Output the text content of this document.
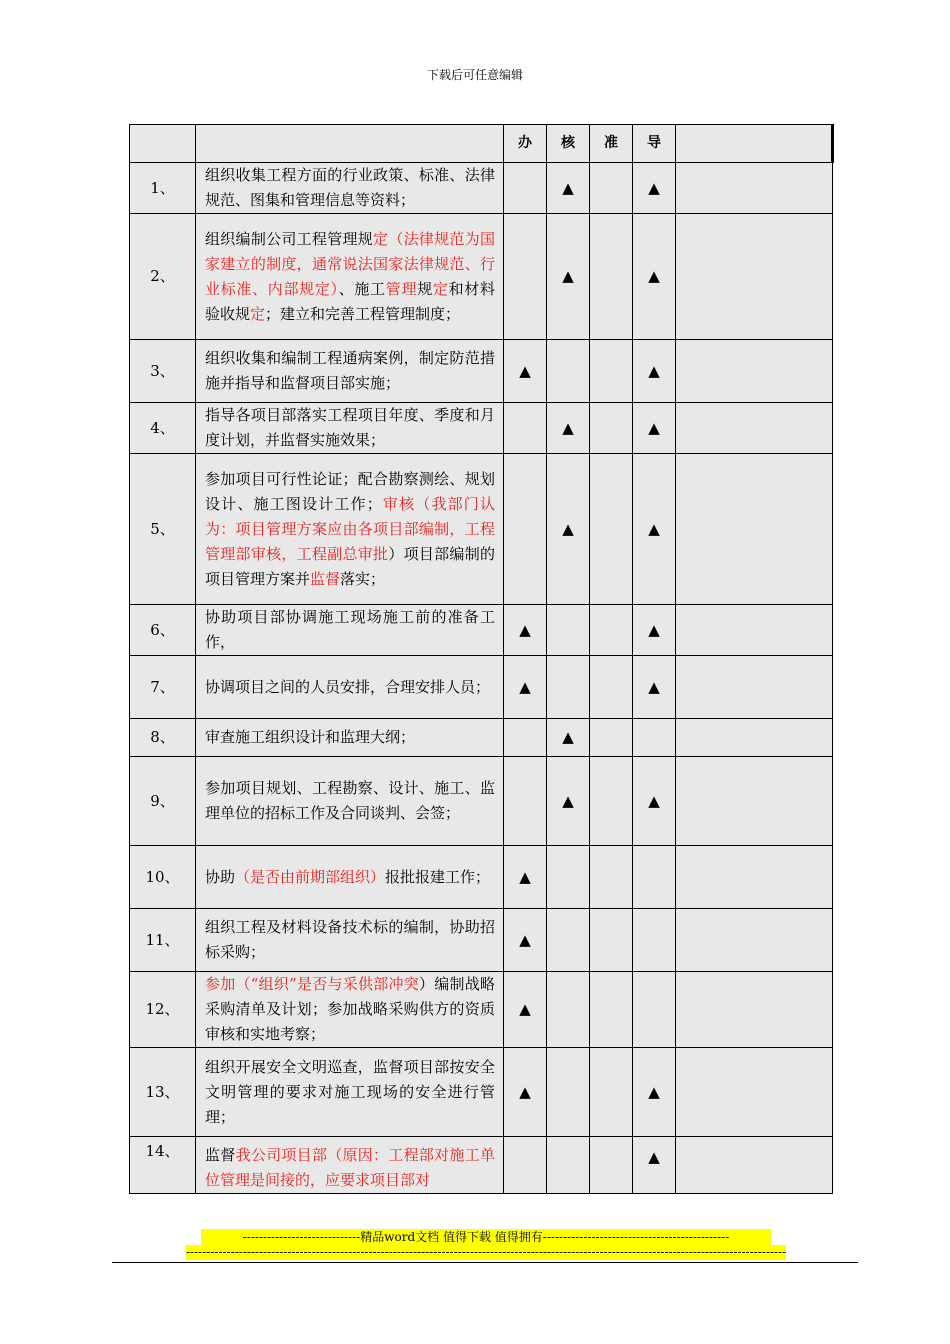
下载后可任意编辑
		办	核	准	导	
1、	组织收集工程方面的行业政策、标准、法律规范、图集和管理信息等资料；		▲		▲	
2、	组织编制公司工程管理规定（法律规范为国家建立的制度，通常说法国家法律规范、行业标准、内部规定）、施工管理规定和材料验收规定；建立和完善工程管理制度；		▲		▲	
3、	组织收集和编制工程通病案例，制定防范措施并指导和监督项目部实施；	▲			▲	
4、	指导各项目部落实工程项目年度、季度和月度计划，并监督实施效果；		▲		▲	
5、	参加项目可行性论证；配合勘察测绘、规划设计、施工图设计工作；审核（我部门认为：项目管理方案应由各项目部编制，工程管理部审核，工程副总审批）项目部编制的项目管理方案并监督落实；		▲		▲	
6、	协助项目部协调施工现场施工前的准备工作，	▲			▲	
7、	协调项目之间的人员安排，合理安排人员；	▲			▲	
8、	审查施工组织设计和监理大纲；		▲			
9、	参加项目规划、工程勘察、设计、施工、监理单位的招标工作及合同谈判、会签；		▲		▲	
10、	协助（是否由前期部组织）报批报建工作；	▲				
11、	组织工程及材料设备技术标的编制，协助招标采购；	▲				
12、	参加（“组织”是否与采供部冲突）编制战略采购清单及计划；参加战略采购供方的资质审核和实地考察；	▲				
13、	组织开展安全文明巡查，监督项目部按安全文明管理的要求对施工现场的安全进行管理；	▲			▲	
14、	监督我公司项目部（原因：工程部对施工单位管理是间接的，应要求项目部对				▲	
-----------------------------精品word文档 值得下载 值得拥有----------------------------------------------
----------------------------------------------------------------------------------------------------------------------------------------------------
